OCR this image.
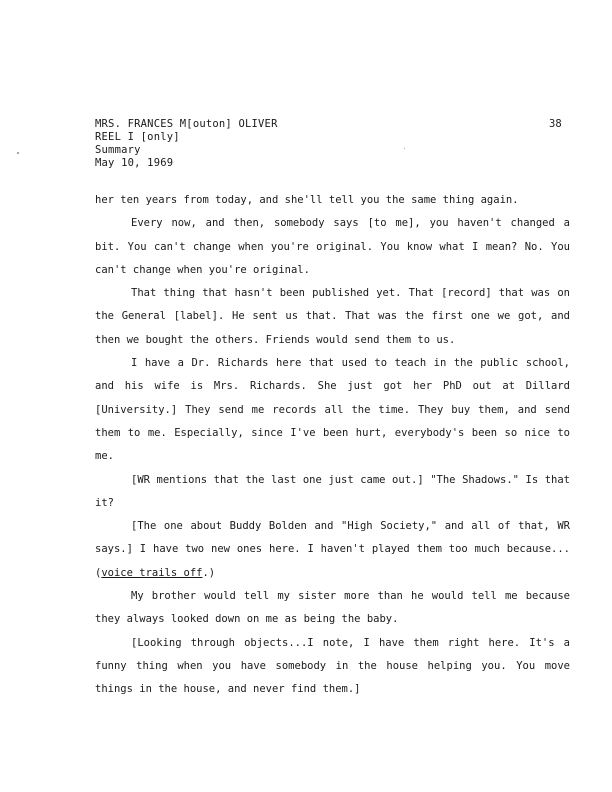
MRS. FRANCES M[outon] OLIVER
REEL I [only]
Summary
May 10, 1969
38

her ten years from today, and she'll tell you the same thing again.

Every now, and then, somebody says [to me], you haven't changed a bit. You can't change when you're original. You know what I mean? No. You can't change when you're original.

That thing that hasn't been published yet. That [record] that was on the General [label]. He sent us that. That was the first one we got, and then we bought the others. Friends would send them to us.

I have a Dr. Richards here that used to teach in the public school, and his wife is Mrs. Richards. She just got her PhD out at Dillard [University.] They send me records all the time. They buy them, and send them to me. Especially, since I've been hurt, everybody's been so nice to me.

[WR mentions that the last one just came out.] "The Shadows." Is that it?

[The one about Buddy Bolden and "High Society," and all of that, WR says.] I have two new ones here. I haven't played them too much because...(voice trails off.)

My brother would tell my sister more than he would tell me because they always looked down on me as being the baby.

[Looking through objects...I note, I have them right here. It's a funny thing when you have somebody in the house helping you. You move things in the house, and never find them.]
